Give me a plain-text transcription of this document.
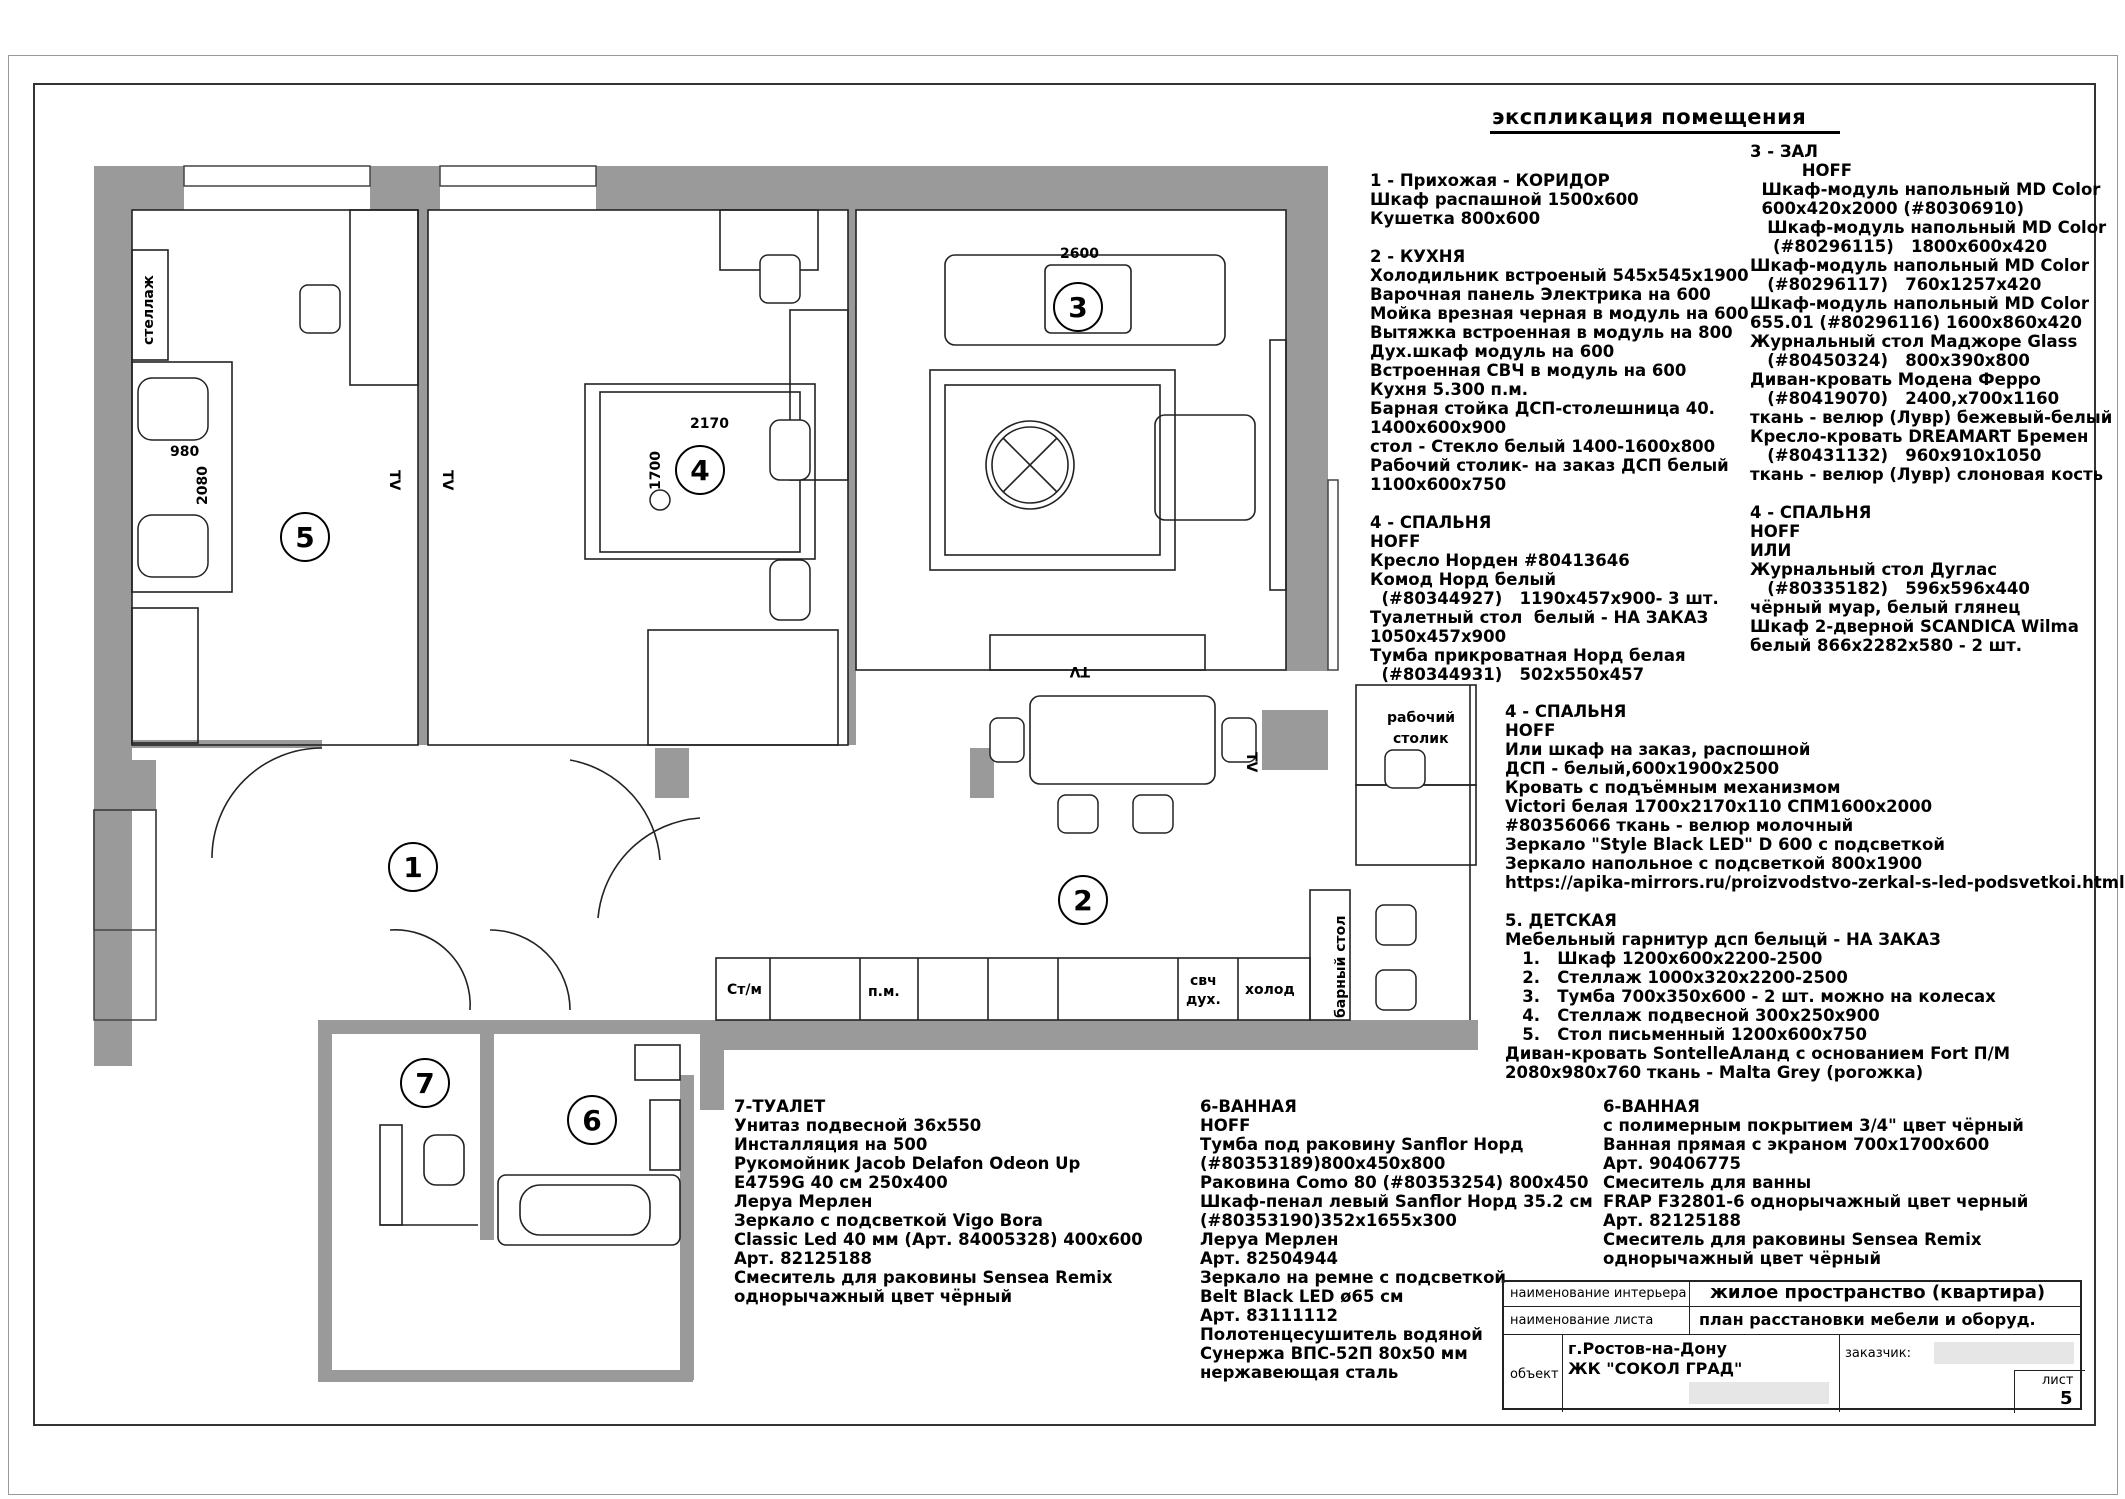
5
4
3
1
2
6
7
стеллаж
TV	TV
TV
TV
рабочий
столик
барный стол
Ст/м	п.м.
свч
дух.
холод
2600
2170
1700
980
2080
экспликация помещения
1 - Прихожая - КОРИДОР
Шкаф распашной 1500х600
Кушетка 800х600

2 - КУХНЯ
Холодильник встроеный 545х545х1900
Варочная панель Электрика на 600
Мойка врезная черная в модуль на 600
Вытяжка встроенная в модуль на 800
Дух.шкаф модуль на 600
Встроенная СВЧ в модуль на 600
Кухня 5.300 п.м.
Барная стойка ДСП-столешница 40.
1400х600х900
стол - Стекло белый 1400-1600х800
Рабочий столик- на заказ ДСП белый
1100х600х750

4 - СПАЛЬНЯ
HOFF
Кресло Норден #80413646
Комод Норд белый
(#80344927)   1190х457х900- 3 шт.
Туалетный стол  белый - НА ЗАКАЗ
1050х457х900
Тумба прикроватная Норд белая
(#80344931)   502х550х457
3 - ЗАЛ
HOFF
Шкаф-модуль напольный MD Color
600х420х2000 (#80306910)
Шкаф-модуль напольный MD Color
(#80296115)   1800х600х420
Шкаф-модуль напольный MD Color
(#80296117)   760х1257х420
Шкаф-модуль напольный MD Color
655.01 (#80296116) 1600х860х420
Журнальный стол Маджоре Glass
(#80450324)   800х390х800
Диван-кровать Модена Ферро
(#80419070)   2400,х700х1160
ткань - велюр (Лувр) бежевый-белый
Кресло-кровать DREAMART Бремен
(#80431132)   960х910х1050
ткань - велюр (Лувр) слоновая кость

4 - СПАЛЬНЯ
HOFF
ИЛИ
Журнальный стол Дуглас
(#80335182)   596х596х440
чёрный муар, белый глянец
Шкаф 2-дверной SCANDICA Wilma
белый 866х2282х580 - 2 шт.
4 - СПАЛЬНЯ
HOFF
Или шкаф на заказ, распошной
ДСП - белый,600х1900х2500
Кровать с подъёмным механизмом
Victori белая 1700х2170х110 СПМ1600х2000
#80356066 ткань - велюр молочный
Зеркало "Style Black LED" D 600 с подсветкой
Зеркало напольное с подсветкой 800х1900
https://apika-mirrors.ru/proizvodstvo-zerkal-s-led-podsvetkoi.html

5. ДЕТСКАЯ
Мебельный гарнитур дсп белыцй - НА ЗАКАЗ
1.   Шкаф 1200х600х2200-2500
2.   Стеллаж 1000х320х2200-2500
3.   Тумба 700х350х600 - 2 шт. можно на колесах
4.   Стеллаж подвесной 300х250х900
5.   Стол письменный 1200х600х750
Диван-кровать SontelleAланд с основанием Fort П/М
2080х980х760 ткань - Malta Grey (рогожка)
7-ТУАЛЕТ
Унитаз подвесной 36х550
Инсталляция на 500
Рукомойник Jacob Delafon Odeon Up
E4759G 40 см 250х400
Леруа Мерлен
Зеркало с подсветкой Vigo Bora
Classic Led 40 мм (Арт. 84005328) 400х600
Арт. 82125188
Смеситель для раковины Sensea Remix
однорычажный цвет чёрный
6-ВАННАЯ
HOFF
Тумба под раковину Sanflor Норд
(#80353189)800х450х800
Раковина Como 80 (#80353254) 800х450
Шкаф-пенал левый Sanflor Норд 35.2 см
(#80353190)352х1655х300
Леруа Мерлен
Арт. 82504944
Зеркало на ремне с подсветкой
Belt Black LED ø65 см
Арт. 83111112
Полотенцесушитель водяной
Сунержа ВПС-52П 80х50 мм
нержавеющая сталь
6-ВАННАЯ
с полимерным покрытием 3/4" цвет чёрный
Ванная прямая с экраном 700х1700х600
Арт. 90406775
Смеситель для ванны
FRAP F32801-6 однорычажный цвет черный
Арт. 82125188
Смеситель для раковины Sensea Remix
однорычажный цвет чёрный
наименование интерьера жилое пространство (квартира)
наименование листа	план расстановки мебели и оборуд.
объект
г.Ростов-на-Дону
ЖК "СОКОЛ ГРАД"
заказчик:
лист
5
